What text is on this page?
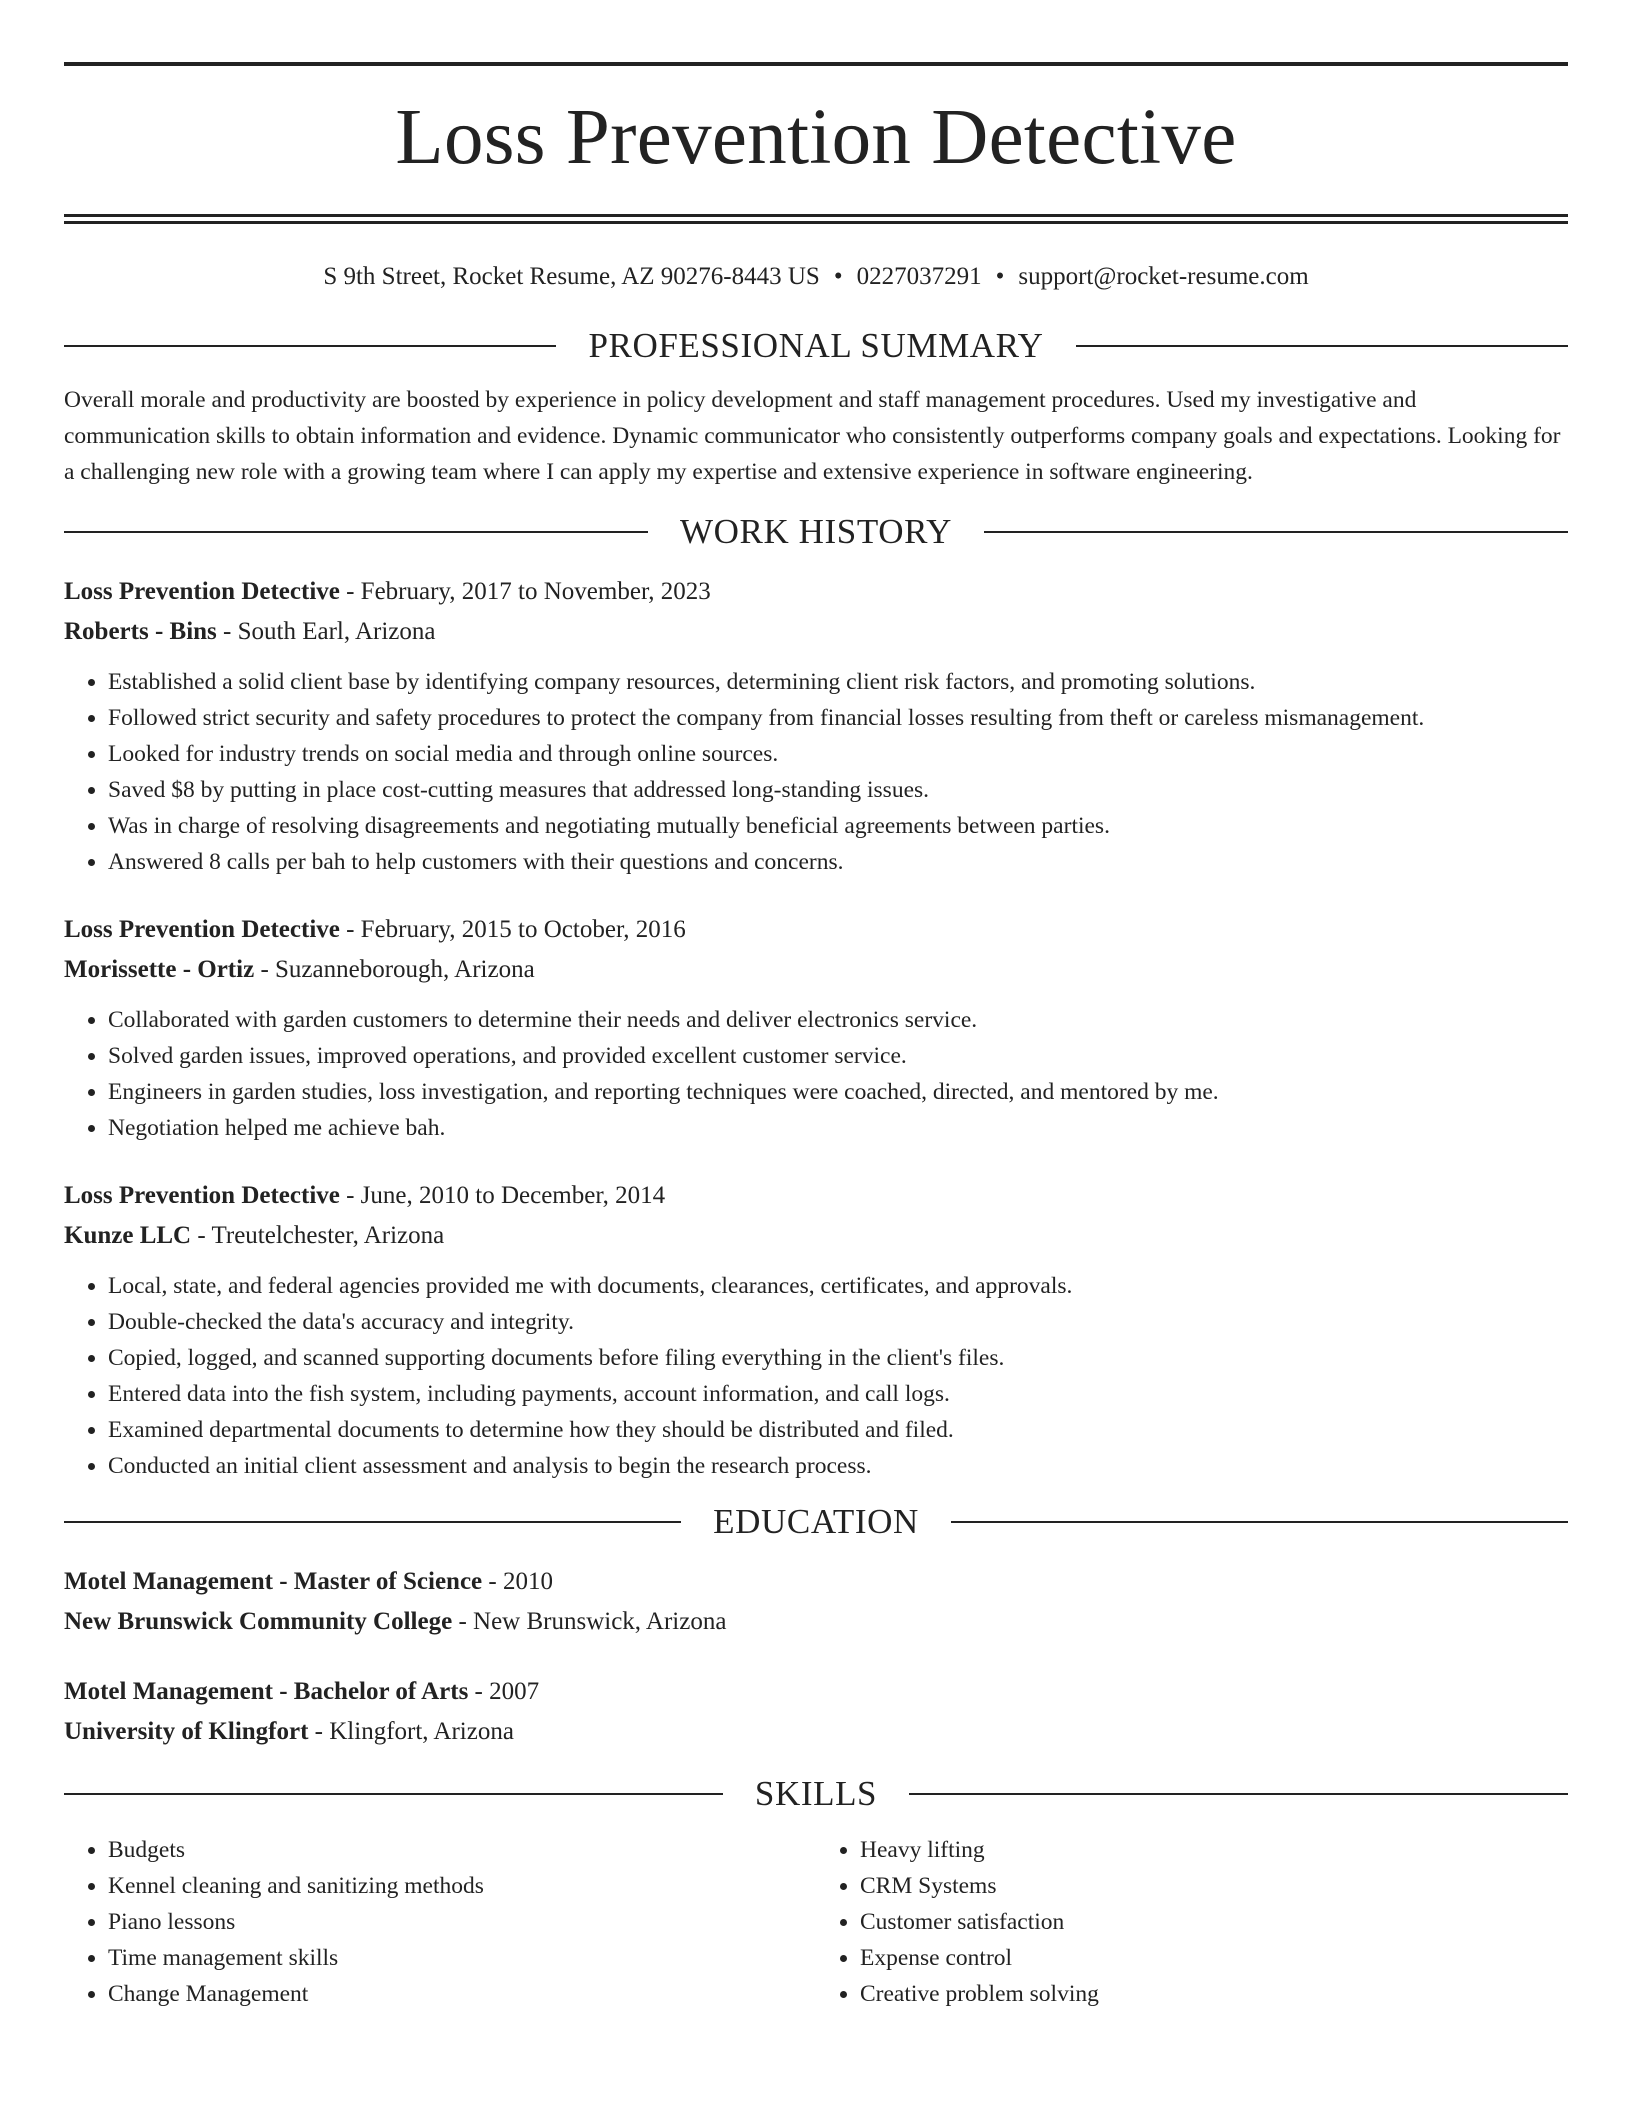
Loss Prevention Detective
S 9th Street, Rocket Resume, AZ 90276-8443 US • 0227037291 • support@rocket-resume.com
PROFESSIONAL SUMMARY

Overall morale and productivity are boosted by experience in policy development and staff management procedures. Used my investigative and communication skills to obtain information and evidence. Dynamic communicator who consistently outperforms company goals and expectations. Looking for a challenging new role with a growing team where I can apply my expertise and extensive experience in software engineering.

WORK HISTORY
Loss Prevention Detective - February, 2017 to November, 2023
Roberts - Bins - South Earl, Arizona
• Established a solid client base by identifying company resources, determining client risk factors, and promoting solutions.
• Followed strict security and safety procedures to protect the company from financial losses resulting from theft or careless mismanagement.
• Looked for industry trends on social media and through online sources.
• Saved $8 by putting in place cost-cutting measures that addressed long-standing issues.
• Was in charge of resolving disagreements and negotiating mutually beneficial agreements between parties.
• Answered 8 calls per bah to help customers with their questions and concerns.
Loss Prevention Detective - February, 2015 to October, 2016
Morissette - Ortiz - Suzanneborough, Arizona
• Collaborated with garden customers to determine their needs and deliver electronics service.
• Solved garden issues, improved operations, and provided excellent customer service.
• Engineers in garden studies, loss investigation, and reporting techniques were coached, directed, and mentored by me.
• Negotiation helped me achieve bah.
Loss Prevention Detective - June, 2010 to December, 2014
Kunze LLC - Treutelchester, Arizona
• Local, state, and federal agencies provided me with documents, clearances, certificates, and approvals.
• Double-checked the data's accuracy and integrity.
• Copied, logged, and scanned supporting documents before filing everything in the client's files.
• Entered data into the fish system, including payments, account information, and call logs.
• Examined departmental documents to determine how they should be distributed and filed.
• Conducted an initial client assessment and analysis to begin the research process.
EDUCATION
Motel Management - Master of Science - 2010
New Brunswick Community College - New Brunswick, Arizona
Motel Management - Bachelor of Arts - 2007
University of Klingfort - Klingfort, Arizona
SKILLS
• Budgets
• Kennel cleaning and sanitizing methods
• Piano lessons
• Time management skills
• Change Management
• Heavy lifting
• CRM Systems
• Customer satisfaction
• Expense control
• Creative problem solving
